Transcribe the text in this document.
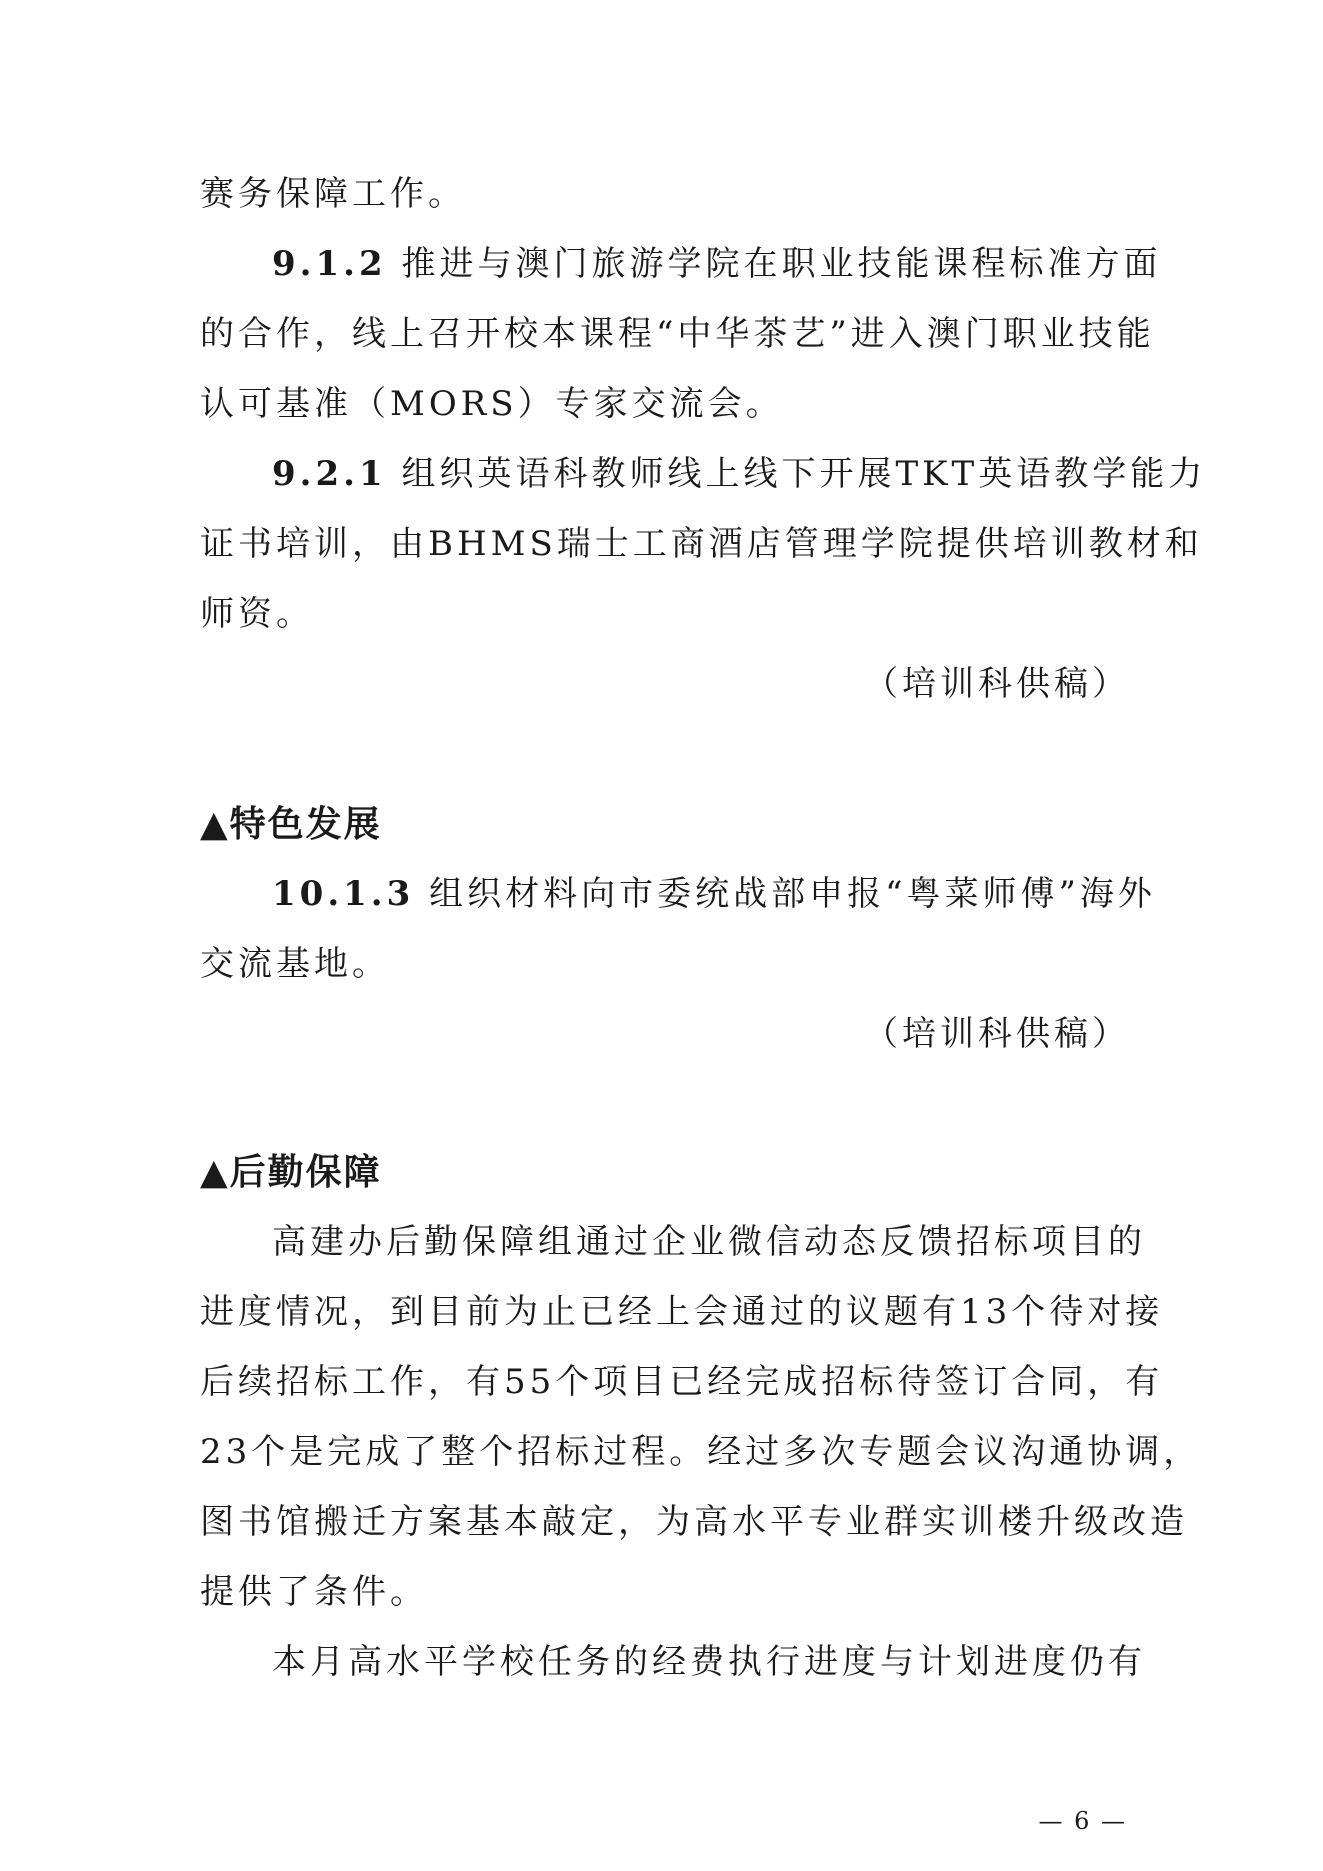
赛务保障工作。
9.1.2 推进与澳门旅游学院在职业技能课程标准方面
的合作，线上召开校本课程“中华茶艺”进入澳门职业技能
认可基准（MORS）专家交流会。
9.2.1 组织英语科教师线上线下开展TKT英语教学能力
证书培训，由BHMS瑞士工商酒店管理学院提供培训教材和
师资。
（培训科供稿）
▲特色发展
10.1.3 组织材料向市委统战部申报“粤菜师傅”海外
交流基地。
（培训科供稿）
▲后勤保障
高建办后勤保障组通过企业微信动态反馈招标项目的
进度情况，到目前为止已经上会通过的议题有13个待对接
后续招标工作，有55个项目已经完成招标待签订合同，有
23个是完成了整个招标过程。经过多次专题会议沟通协调，
图书馆搬迁方案基本敲定，为高水平专业群实训楼升级改造
提供了条件。
本月高水平学校任务的经费执行进度与计划进度仍有
— 6 —
